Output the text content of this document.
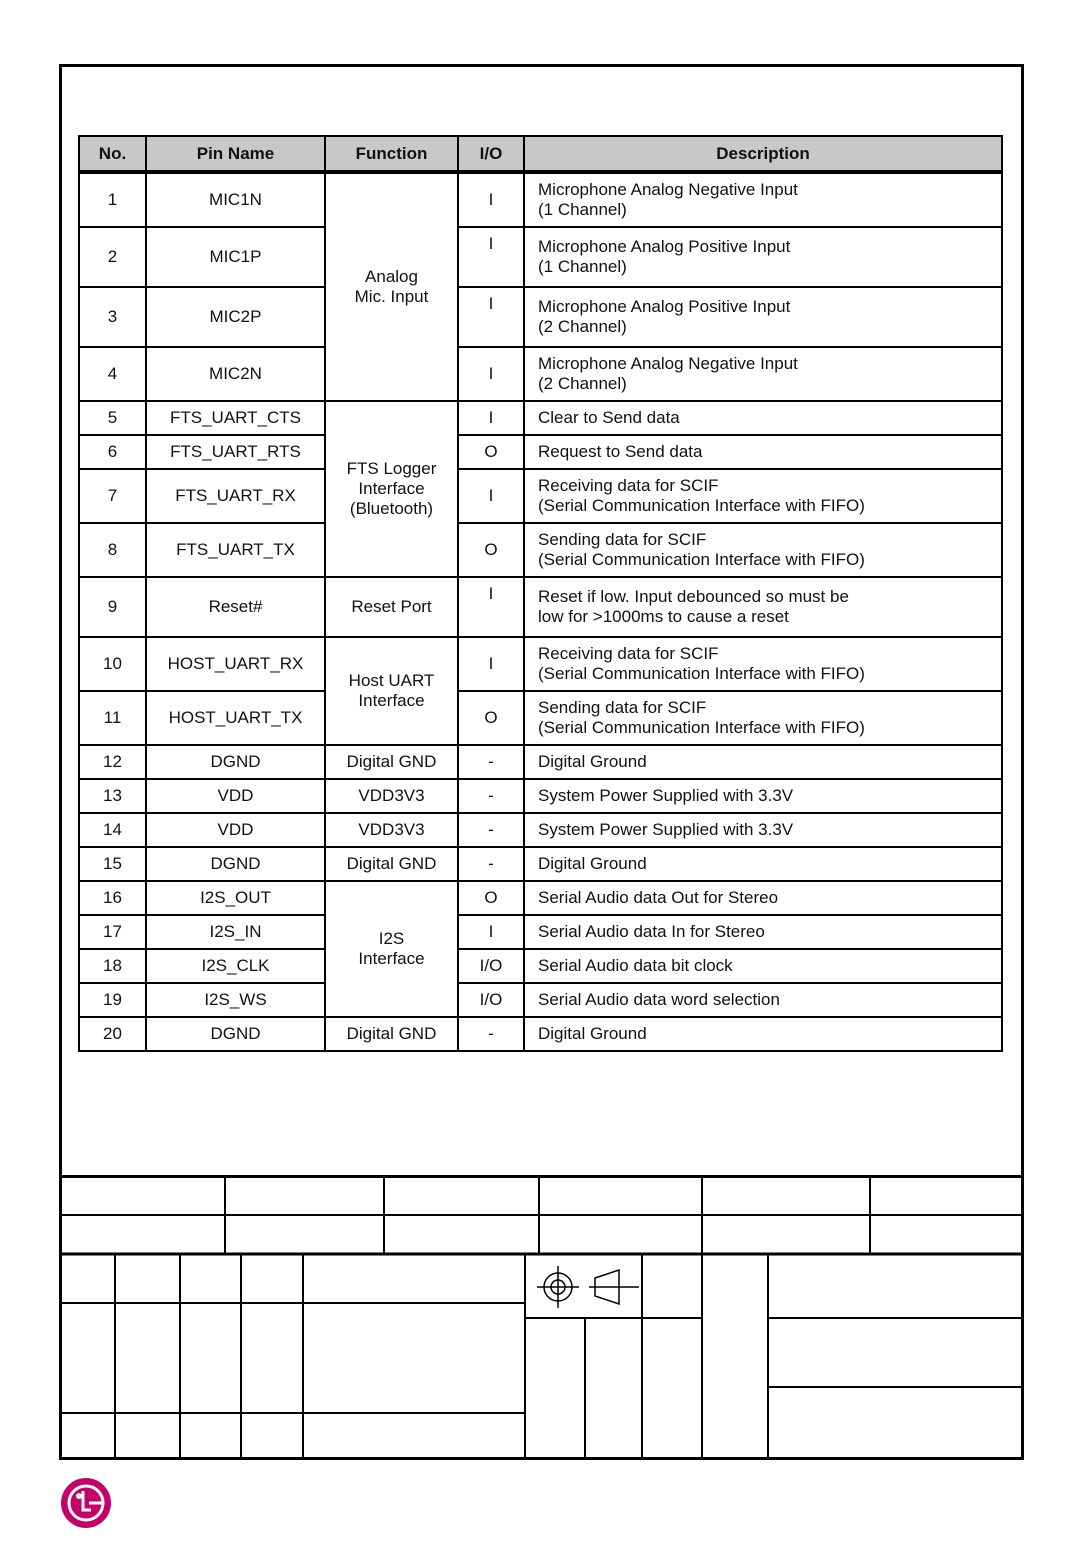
No.	Pin Name	Function	I/O	Description
1	MIC1N	Analog
Mic. Input	I	Microphone Analog Negative Input
(1 Channel)
2	MIC1P		I	Microphone Analog Positive Input
(1 Channel)
3	MIC2P		I	Microphone Analog Positive Input
(2 Channel)
4	MIC2N		I	Microphone Analog Negative Input
(2 Channel)
5	FTS_UART_CTS	FTS Logger
Interface
(Bluetooth)	I	Clear to Send data
6	FTS_UART_RTS		O	Request to Send data
7	FTS_UART_RX		I	Receiving data for SCIF
(Serial Communication Interface with FIFO)
8	FTS_UART_TX		O	Sending data for SCIF
(Serial Communication Interface with FIFO)
9	Reset#	Reset Port	I	Reset if low. Input debounced so must be
low for >1000ms to cause a reset
10	HOST_UART_RX	Host UART
Interface	I	Receiving data for SCIF
(Serial Communication Interface with FIFO)
11	HOST_UART_TX		O	Sending data for SCIF
(Serial Communication Interface with FIFO)
12	DGND	Digital GND	-	Digital Ground
13	VDD	VDD3V3	-	System Power Supplied with 3.3V
14	VDD	VDD3V3	-	System Power Supplied with 3.3V
15	DGND	Digital GND	-	Digital Ground
16	I2S_OUT	I2S
Interface	O	Serial Audio data Out for Stereo
17	I2S_IN		I	Serial Audio data In for Stereo
18	I2S_CLK		I/O	Serial Audio data bit clock
19	I2S_WS		I/O	Serial Audio data word selection
20	DGND	Digital GND	-	Digital Ground
